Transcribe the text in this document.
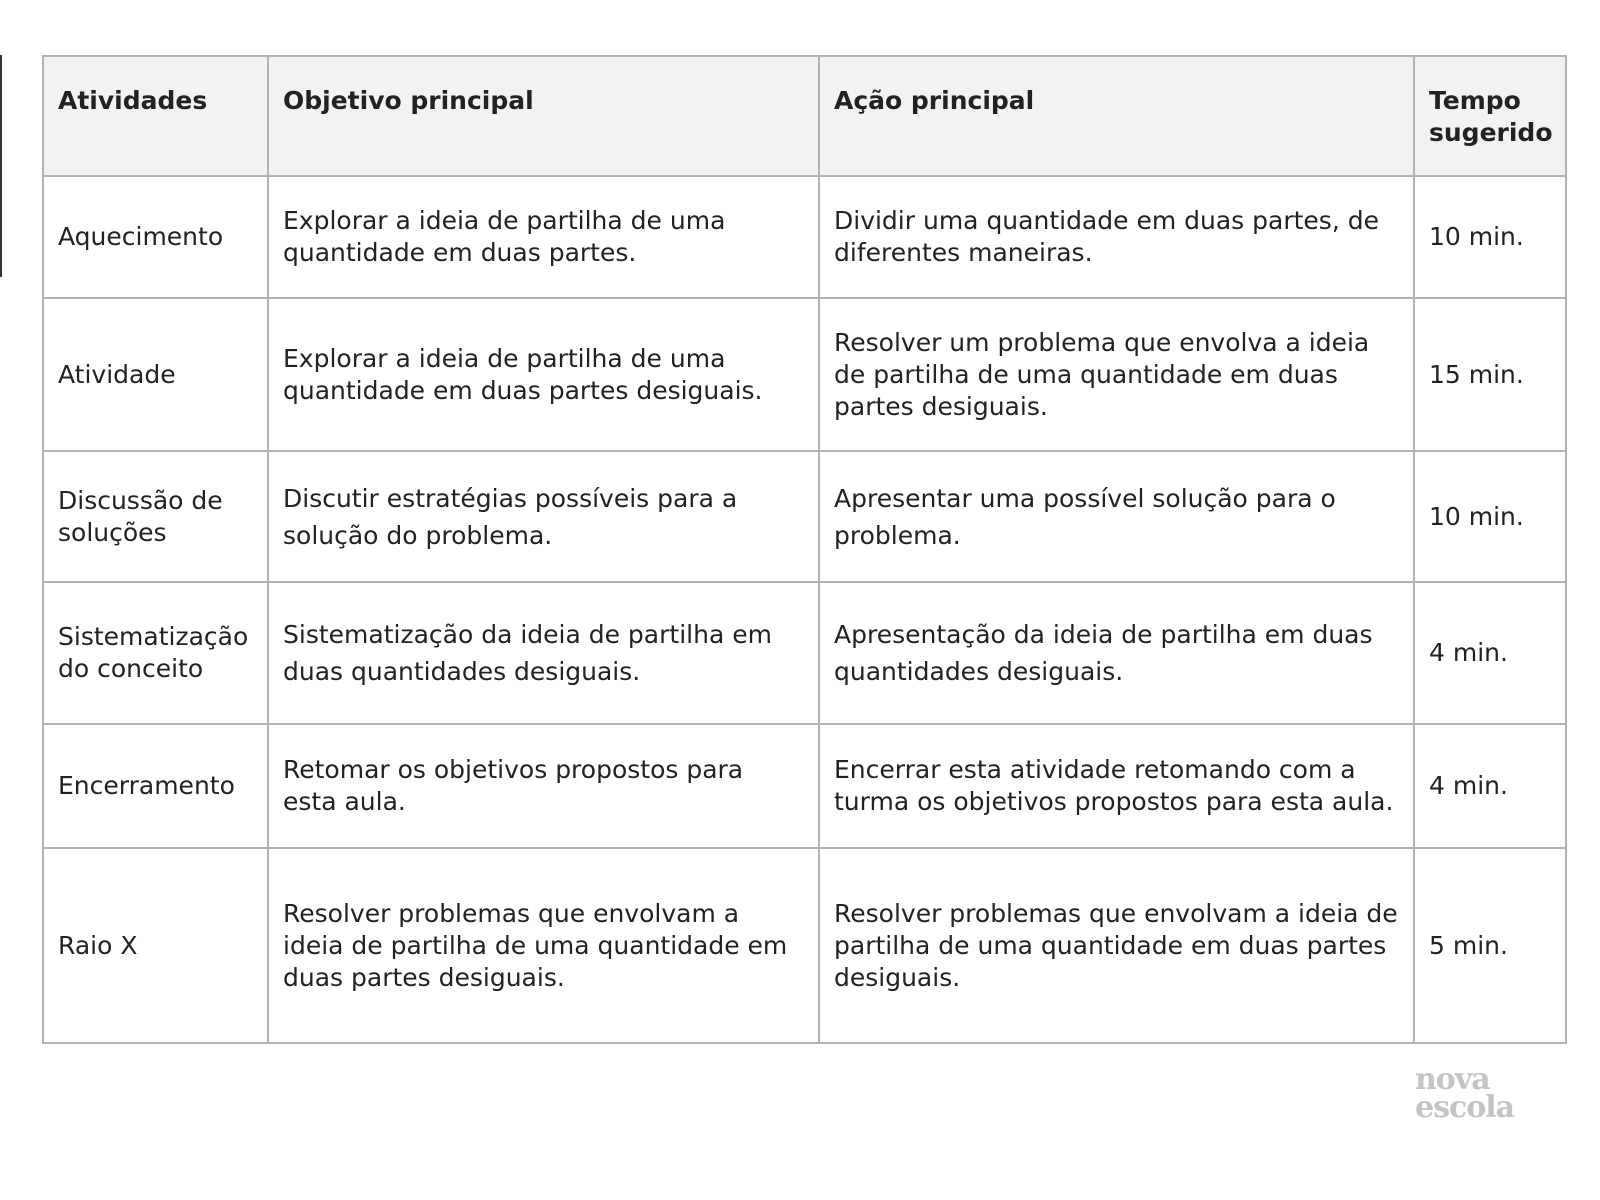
Atividades	Objetivo principal	Ação principal	Tempo sugerido
Aquecimento	Explorar a ideia de partilha de uma quantidade em duas partes.	Dividir uma quantidade em duas partes, de diferentes maneiras.	10 min.
Atividade	Explorar a ideia de partilha de uma quantidade em duas partes desiguais.	Resolver um problema que envolva a ideia de partilha de uma quantidade em duas partes desiguais.	15 min.
Discussão de soluções	Discutir estratégias possíveis para a solução do problema.	Apresentar uma possível solução para o problema.	10 min.
Sistematização do conceito	Sistematização da ideia de partilha em duas quantidades desiguais.	Apresentação da ideia de partilha em duas quantidades desiguais.	4 min.
Encerramento	Retomar os objetivos propostos para esta aula.	Encerrar esta atividade retomando com a turma os objetivos propostos para esta aula.	4 min.
Raio X	Resolver problemas que envolvam a ideia de partilha de uma quantidade em duas partes desiguais.	Resolver problemas que envolvam a ideia de partilha de uma quantidade em duas partes desiguais.	5 min.
nova
escola
